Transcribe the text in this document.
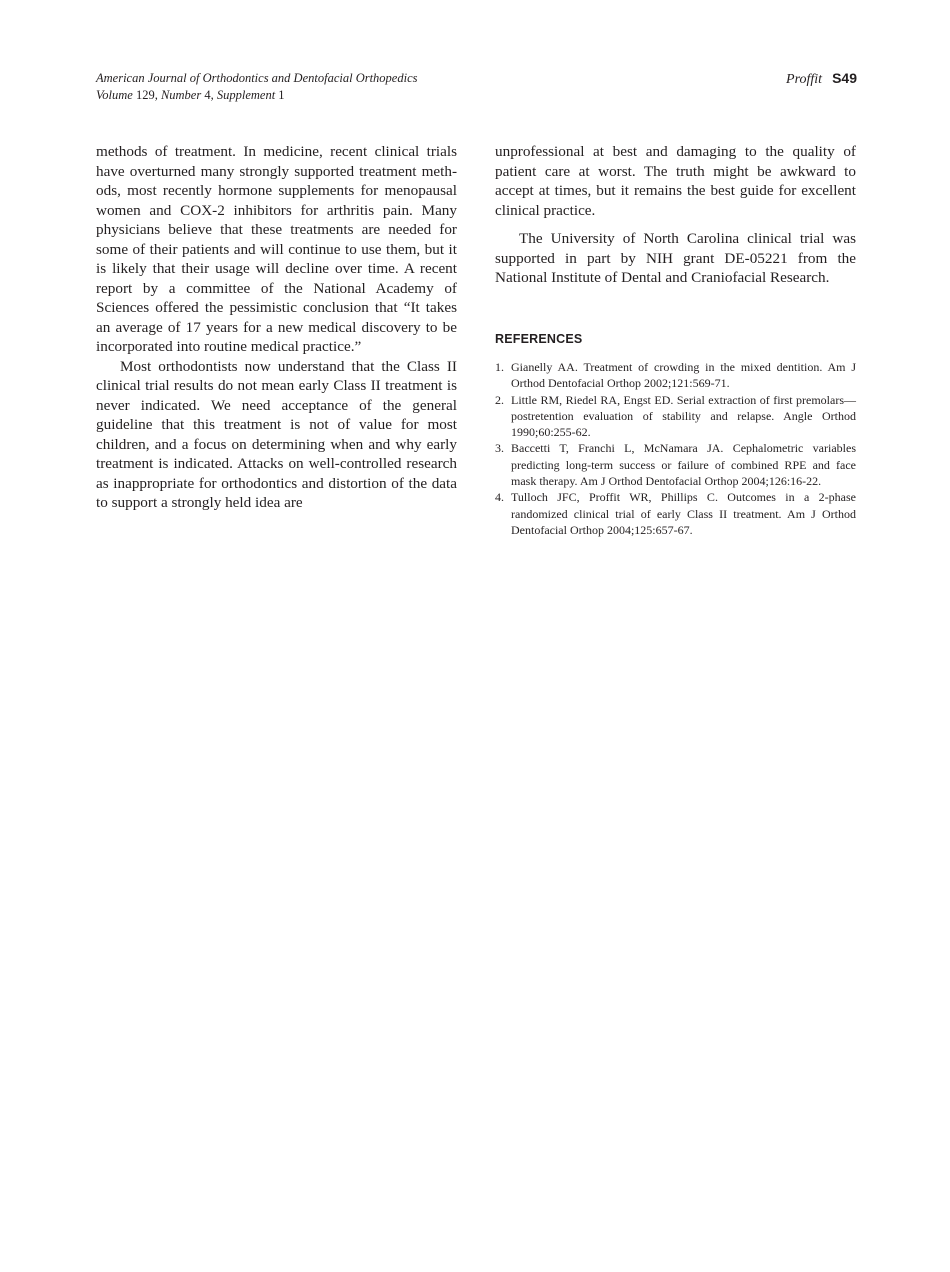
American Journal of Orthodontics and Dentofacial Orthopedics
Volume 129, Number 4, Supplement 1
Proffit S49

methods of treatment. In medicine, recent clinical trials have overturned many strongly supported treatment methods, most recently hormone supplements for menopausal women and COX-2 inhibitors for arthritis pain. Many physicians believe that these treatments are needed for some of their patients and will continue to use them, but it is likely that their usage will decline over time. A recent report by a committee of the National Academy of Sciences offered the pessimistic conclusion that “It takes an average of 17 years for a new medical discovery to be incorporated into routine medical practice.”

Most orthodontists now understand that the Class II clinical trial results do not mean early Class II treatment is never indicated. We need acceptance of the general guideline that this treatment is not of value for most children, and a focus on determining when and why early treatment is indicated. Attacks on well-controlled research as inappropriate for orthodontics and distortion of the data to support a strongly held idea are

unprofessional at best and damaging to the quality of patient care at worst. The truth might be awkward to accept at times, but it remains the best guide for excellent clinical practice.

The University of North Carolina clinical trial was supported in part by NIH grant DE-05221 from the National Institute of Dental and Craniofacial Research.

REFERENCES
1. Gianelly AA. Treatment of crowding in the mixed dentition. Am J Orthod Dentofacial Orthop 2002;121:569-71.
2. Little RM, Riedel RA, Engst ED. Serial extraction of first premolars—postretention evaluation of stability and relapse. Angle Orthod 1990;60:255-62.
3. Baccetti T, Franchi L, McNamara JA. Cephalometric variables predicting long-term success or failure of combined RPE and face mask therapy. Am J Orthod Dentofacial Orthop 2004;126:16-22.
4. Tulloch JFC, Proffit WR, Phillips C. Outcomes in a 2-phase randomized clinical trial of early Class II treatment. Am J Orthod Dentofacial Orthop 2004;125:657-67.
